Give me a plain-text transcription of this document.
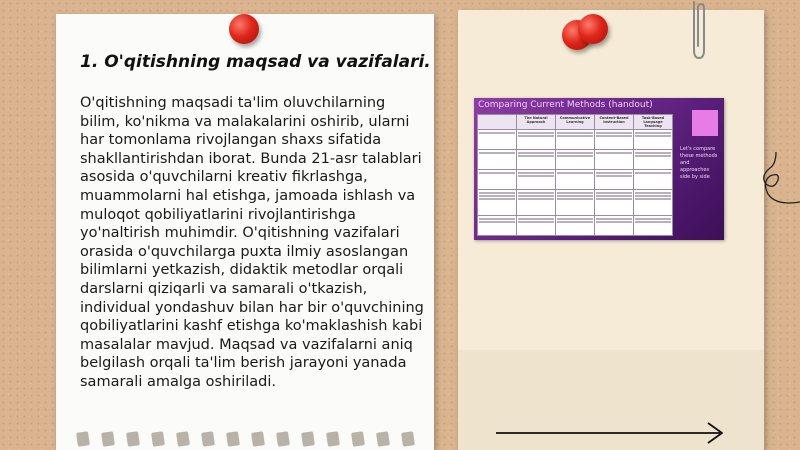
1. O'qitishning maqsad va vazifalari.

O'qitishning maqsadi ta'lim oluvchilarning bilim, ko'nikma va malakalarini oshirib, ularni har tomonlama rivojlangan shaxs sifatida shakllantirishdan iborat. Bunda 21-asr talablari asosida o'quvchilarni kreativ fikrlashga, muammolarni hal etishga, jamoada ishlash va muloqot qobiliyatlarini rivojlantirishga yo'naltirish muhimdir. O'qitishning vazifalari orasida o'quvchilarga puxta ilmiy asoslangan bilimlarni yetkazish, didaktik metodlar orqali darslarni qiziqarli va samarali o'tkazish, individual yondashuv bilan har bir o'quvchining qobiliyatlarini kashf etishga ko'maklashish kabi masalalar mavjud. Maqsad va vazifalarni aniq belgilash orqali ta'lim berish jarayoni yanada samarali amalga oshiriladi.

Comparing Current Methods (handout)
	The Natural Approach	Communicative Learning	Content-Based Instruction	Task-Based Language Teaching

Let's compare these methods and approaches side by side
